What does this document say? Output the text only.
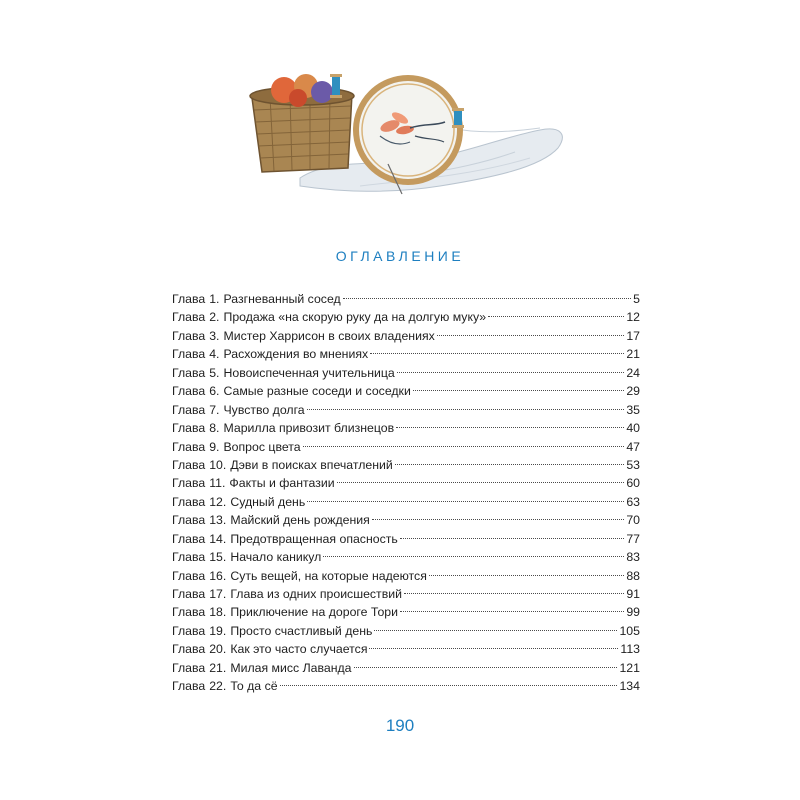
ОГЛАВЛЕНИЕ
Глава 1. Разгневанный сосед	5
Глава 2. Продажа «на скорую руку да на долгую муку»	12
Глава 3. Мистер Харрисон в своих владениях	17
Глава 4. Расхождения во мнениях	21
Глава 5. Новоиспеченная учительница	24
Глава 6. Самые разные соседи и соседки	29
Глава 7. Чувство долга	35
Глава 8. Марилла привозит близнецов	40
Глава 9. Вопрос цвета	47
Глава 10. Дэви в поисках впечатлений	53
Глава 11. Факты и фантазии	60
Глава 12. Судный день	63
Глава 13. Майский день рождения	70
Глава 14. Предотвращенная опасность	77
Глава 15. Начало каникул	83
Глава 16. Суть вещей, на которые надеются	88
Глава 17. Глава из одних происшествий	91
Глава 18. Приключение на дороге Тори	99
Глава 19. Просто счастливый день	105
Глава 20. Как это часто случается	113
Глава 21. Милая мисс Лаванда	121
Глава 22. То да сё	134
190
